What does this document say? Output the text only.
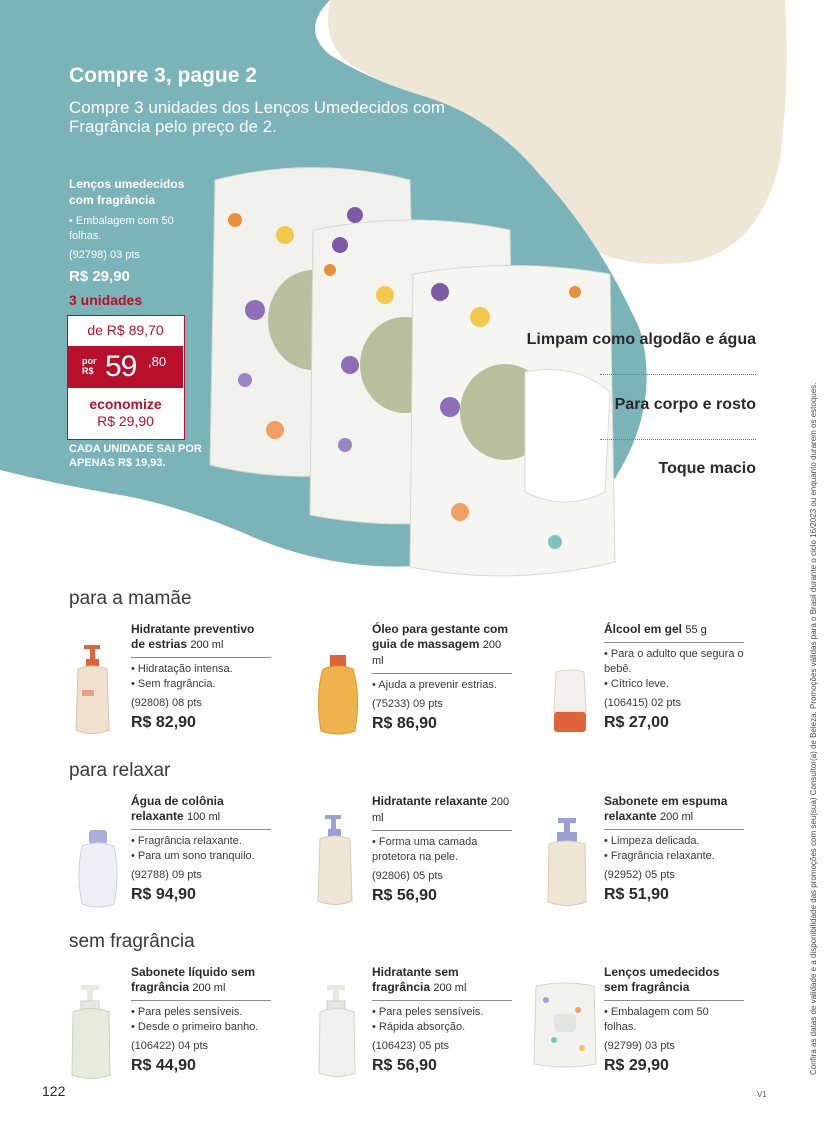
Compre 3, pague 2
Compre 3 unidades dos Lenços Umedecidos com Fragrância pelo preço de 2.
Lenços umedecidos com fragrância
• Embalagem com 50 folhas.
(92798) 03 pts
R$ 29,90
3 unidades
de R$ 89,70
por
R$ 59 ,80
economize
R$ 29,90
CADA UNIDADE SAI POR APENAS R$ 19,93.
Limpam como algodão e água
Para corpo e rosto
Toque macio
para a mamãe
Hidratante preventivo de estrias 200 ml
• Hidratação intensa.
• Sem fragrância.
(92808) 08 pts
R$ 82,90
Óleo para gestante com guia de massagem 200 ml
• Ajuda a prevenir estrias.
(75233) 09 pts
R$ 86,90
Álcool em gel 55 g
• Para o adulto que segura o bebê.
• Cítrico leve.
(106415) 02 pts
R$ 27,00
para relaxar
Água de colônia relaxante 100 ml
• Fragrância relaxante.
• Para um sono tranquilo.
(92788) 09 pts
R$ 94,90
Hidratante relaxante 200 ml
• Forma uma camada protetora na pele.
(92806) 05 pts
R$ 56,90
Sabonete em espuma relaxante 200 ml
• Limpeza delicada.
• Fragrância relaxante.
(92952) 05 pts
R$ 51,90
sem fragrância
Sabonete líquido sem fragrância 200 ml
• Para peles sensíveis.
• Desde o primeiro banho.
(106422) 04 pts
R$ 44,90
Hidratante sem fragrância 200 ml
• Para peles sensíveis.
• Rápida absorção.
(106423) 05 pts
R$ 56,90
Lenços umedecidos sem fragrância
• Embalagem com 50 folhas.
(92799) 03 pts
R$ 29,90	Confira as datas de validade e a disponibilidade das promoções com seu(sua) Consultor(a) de Beleza. Promoções válidas para o Brasil durante o ciclo 16/2023 ou enquanto durarem os estoques.
122	V1
